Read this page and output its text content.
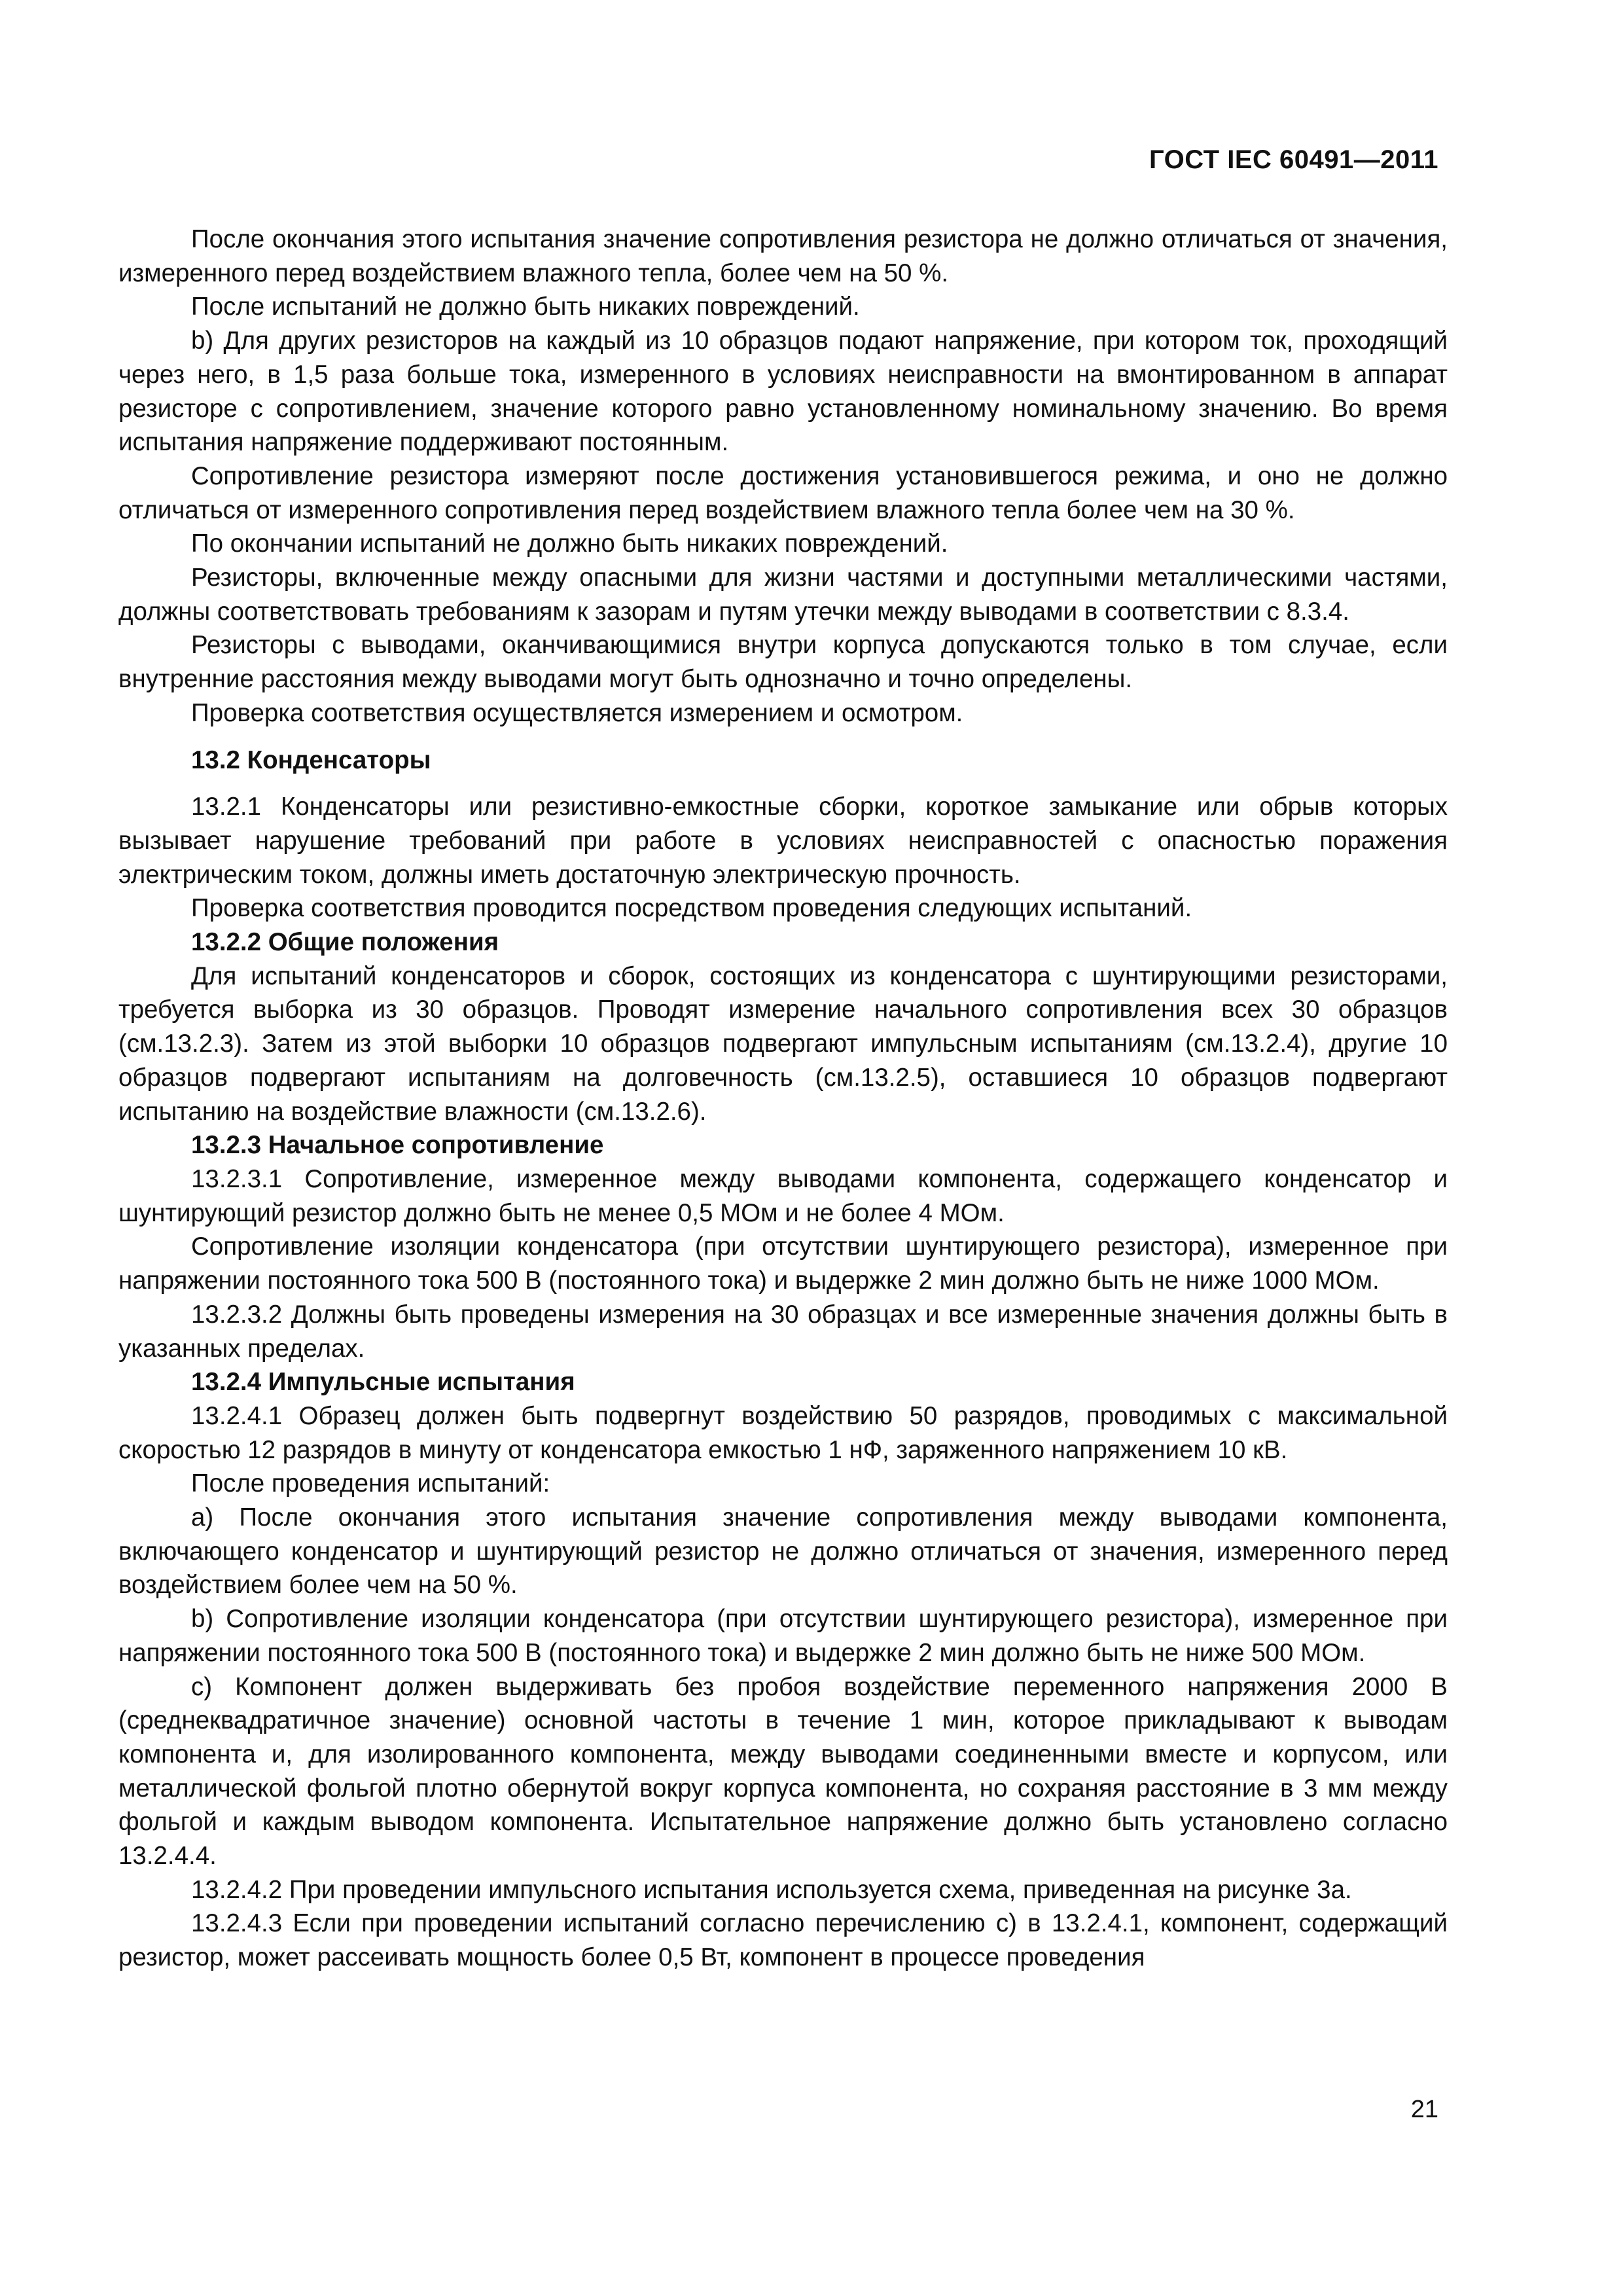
ГОСТ IEC 60491—2011

После окончания этого испытания значение сопротивления резистора не должно отличаться от значения, измеренного перед воздействием влажного тепла, более чем на 50 %.

После испытаний не должно быть никаких повреждений.

b) Для других резисторов на каждый из 10 образцов подают напряжение, при котором ток, проходящий через него, в 1,5 раза больше тока, измеренного в условиях неисправности на вмонтированном в аппарат резисторе с сопротивлением, значение которого равно установленному номинальному значению. Во время испытания напряжение поддерживают постоянным.

Сопротивление резистора измеряют после достижения установившегося режима, и оно не должно отличаться от измеренного сопротивления перед воздействием влажного тепла более чем на 30 %.

По окончании испытаний не должно быть никаких повреждений.

Резисторы, включенные между опасными для жизни частями и доступными металлическими частями, должны соответствовать требованиям к зазорам и путям утечки между выводами в соответствии с 8.3.4.

Резисторы с выводами, оканчивающимися внутри корпуса допускаются только в том случае, если внутренние расстояния между выводами могут быть однозначно и точно определены.

Проверка соответствия осуществляется измерением и осмотром.

13.2 Конденсаторы

13.2.1 Конденсаторы или резистивно-емкостные сборки, короткое замыкание или обрыв которых вызывает нарушение требований при работе в условиях неисправностей с опасностью поражения электрическим током, должны иметь достаточную электрическую прочность.

Проверка соответствия проводится посредством проведения следующих испытаний.

13.2.2 Общие положения

Для испытаний конденсаторов и сборок, состоящих из конденсатора с шунтирующими резисторами, требуется выборка из 30 образцов. Проводят измерение начального сопротивления всех 30 образцов (см.13.2.3). Затем из этой выборки 10 образцов подвергают импульсным испытаниям (см.13.2.4), другие 10 образцов подвергают испытаниям на долговечность (см.13.2.5), оставшиеся 10 образцов подвергают испытанию на воздействие влажности (см.13.2.6).

13.2.3 Начальное сопротивление

13.2.3.1 Сопротивление, измеренное между выводами компонента, содержащего конденсатор и шунтирующий резистор должно быть не менее 0,5 МОм и не более 4 МОм.

Сопротивление изоляции конденсатора (при отсутствии шунтирующего резистора), измеренное при напряжении постоянного тока 500 В (постоянного тока) и выдержке 2 мин должно быть не ниже 1000 МОм.

13.2.3.2 Должны быть проведены измерения на 30 образцах и все измеренные значения должны быть в указанных пределах.

13.2.4 Импульсные испытания

13.2.4.1 Образец должен быть подвергнут воздействию 50 разрядов, проводимых с максимальной скоростью 12 разрядов в минуту от конденсатора емкостью 1 нФ, заряженного напряжением 10 кВ.

После проведения испытаний:

a) После окончания этого испытания значение сопротивления между выводами компонента, включающего конденсатор и шунтирующий резистор не должно отличаться от значения, измеренного перед воздействием более чем на 50 %.

b) Сопротивление изоляции конденсатора (при отсутствии шунтирующего резистора), измеренное при напряжении постоянного тока 500 В (постоянного тока) и выдержке 2 мин должно быть не ниже 500 МОм.

c) Компонент должен выдерживать без пробоя воздействие переменного напряжения 2000 В (среднеквадратичное значение) основной частоты в течение 1 мин, которое прикладывают к выводам компонента и, для изолированного компонента, между выводами соединенными вместе и корпусом, или металлической фольгой плотно обернутой вокруг корпуса компонента, но сохраняя расстояние в 3 мм между фольгой и каждым выводом компонента. Испытательное напряжение должно быть установлено согласно 13.2.4.4.

13.2.4.2 При проведении импульсного испытания используется схема, приведенная на рисунке 3а.

13.2.4.3 Если при проведении испытаний согласно перечислению c) в 13.2.4.1, компонент, содержащий резистор, может рассеивать мощность более 0,5 Вт, компонент в процессе проведения

21
